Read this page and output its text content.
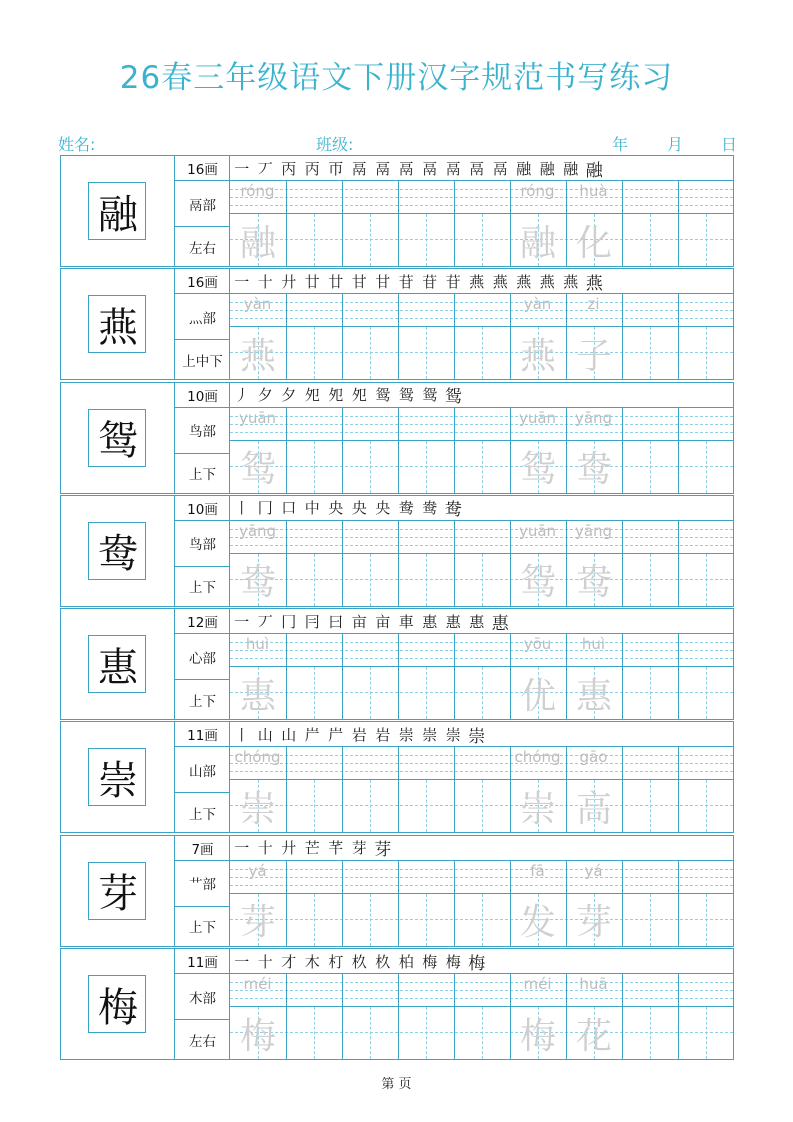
26春三年级语文下册汉字规范书写练习
姓名:	班级:	年 月 日
融
16画
鬲部
左右
一 丆 丙 丙 帀 鬲 鬲 鬲 鬲 鬲 鬲 鬲 融 融 融 融
róng
融
róng	huà
融 化
燕
16画
灬部
上中下
一 十 廾 廿 廿 甘 甘 苷 苷 苷 燕 燕 燕 燕 燕 燕
yàn
燕
yàn	zi
燕 子
鸳
10画
鸟部
上下
丿 夕 夕 夗 夗 夗 鸳 鸳 鸳 鸳
yuān
鸳
yuān	yāng
鸳 鸯
鸯
10画
鸟部
上下
丨 冂 口 中 央 央 央 鸯 鸯 鸯
yāng
鸯
yuān	yāng
鸳 鸯
惠
12画
心部
上下
一 丆 冂 冃 曰 亩 亩 車 惠 惠 惠 惠
huì
惠
yōu	huì
优 惠
崇
11画
山部
上下
丨 山 山 屵 屵 岩 岩 崇 崇 崇 崇
chóng
崇
chóng	gāo
崇 高
芽
7画
艹部
上下
一 十 廾 芒 芊 芽 芽
yá
芽
fā	yá
发 芽
梅
11画
木部
左右
一 十 才 木 朾 杦 杦 柏 梅 梅 梅
méi
梅
méi	huā
梅 花
第 页
